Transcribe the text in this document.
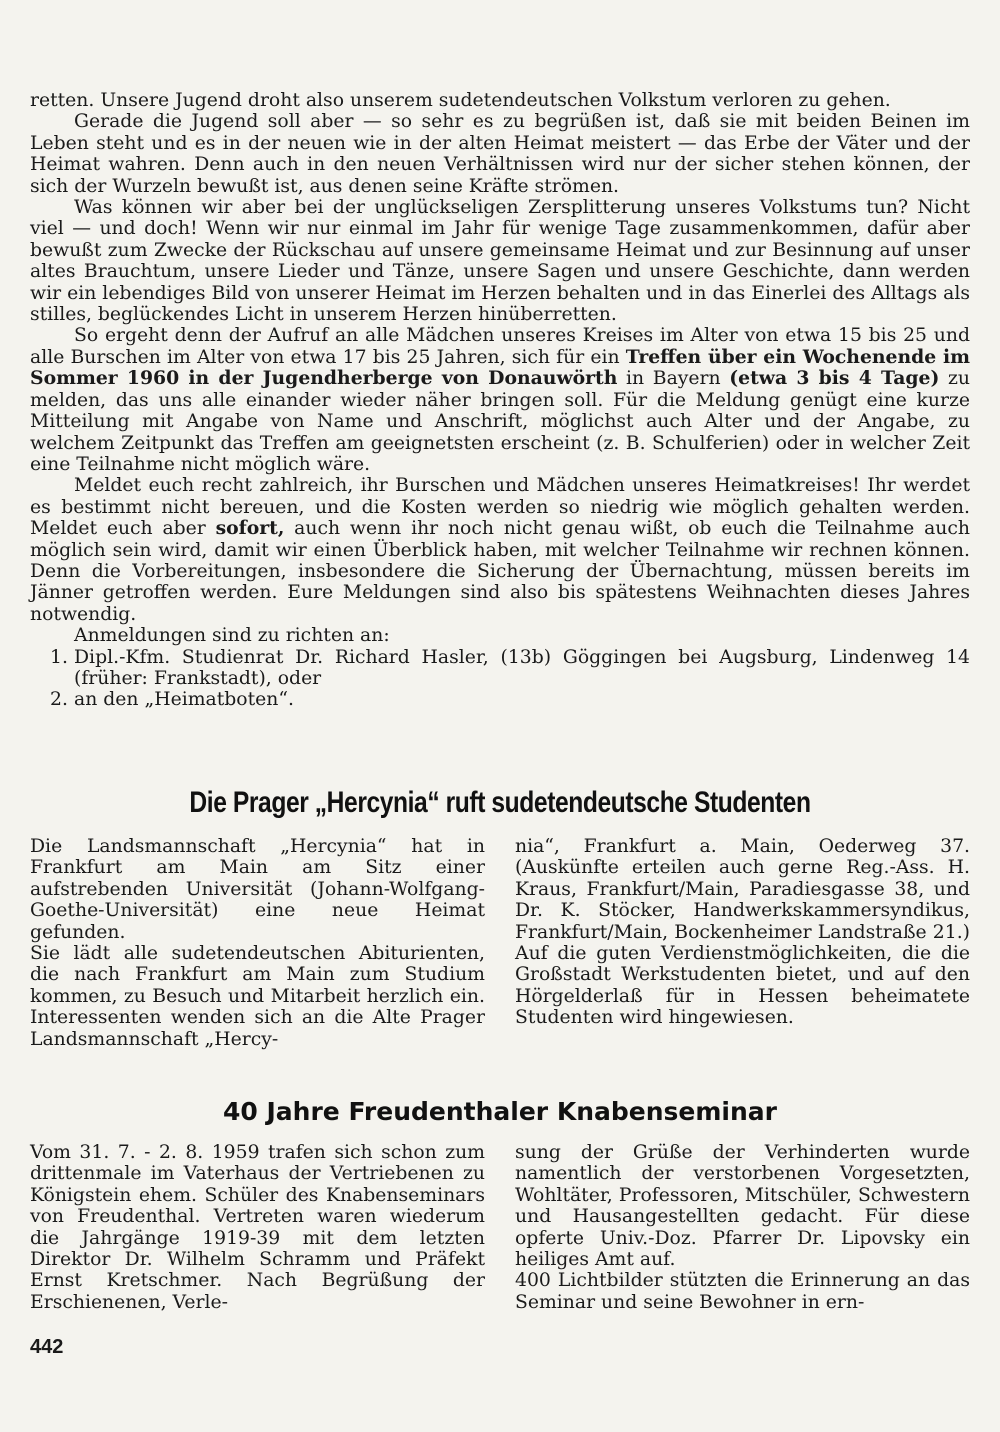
retten. Unsere Jugend droht also unserem sudetendeutschen Volkstum verloren zu gehen.

Gerade die Jugend soll aber — so sehr es zu begrüßen ist, daß sie mit beiden Beinen im Leben steht und es in der neuen wie in der alten Heimat meistert — das Erbe der Väter und der Heimat wahren. Denn auch in den neuen Verhältnissen wird nur der sicher stehen können, der sich der Wurzeln bewußt ist, aus denen seine Kräfte strömen.

Was können wir aber bei der unglückseligen Zersplitterung unseres Volkstums tun? Nicht viel — und doch! Wenn wir nur einmal im Jahr für wenige Tage zusammenkommen, dafür aber bewußt zum Zwecke der Rückschau auf unsere gemeinsame Heimat und zur Besinnung auf unser altes Brauchtum, unsere Lieder und Tänze, unsere Sagen und unsere Geschichte, dann werden wir ein lebendiges Bild von unserer Heimat im Herzen behalten und in das Einerlei des Alltags als stilles, beglückendes Licht in unserem Herzen hinüberretten.

So ergeht denn der Aufruf an alle Mädchen unseres Kreises im Alter von etwa 15 bis 25 und alle Burschen im Alter von etwa 17 bis 25 Jahren, sich für ein Treffen über ein Wochenende im Sommer 1960 in der Jugendherberge von Donauwörth in Bayern (etwa 3 bis 4 Tage) zu melden, das uns alle einander wieder näher bringen soll. Für die Meldung genügt eine kurze Mitteilung mit Angabe von Name und Anschrift, möglichst auch Alter und der Angabe, zu welchem Zeitpunkt das Treffen am geeignetsten erscheint (z. B. Schulferien) oder in welcher Zeit eine Teilnahme nicht möglich wäre.

Meldet euch recht zahlreich, ihr Burschen und Mädchen unseres Heimatkreises! Ihr werdet es bestimmt nicht bereuen, und die Kosten werden so niedrig wie möglich gehalten werden. Meldet euch aber sofort, auch wenn ihr noch nicht genau wißt, ob euch die Teilnahme auch möglich sein wird, damit wir einen Überblick haben, mit welcher Teilnahme wir rechnen können. Denn die Vorbereitungen, insbesondere die Sicherung der Übernachtung, müssen bereits im Jänner getroffen werden. Eure Meldungen sind also bis spätestens Weihnachten dieses Jahres notwendig.

Anmeldungen sind zu richten an:

1. Dipl.-Kfm. Studienrat Dr. Richard Hasler, (13b) Göggingen bei Augsburg, Lindenweg 14 (früher: Frankstadt), oder
2. an den „Heimatboten“.
Die Prager „Hercynia“ ruft sudetendeutsche Studenten

Die Landsmannschaft „Hercynia“ hat in Frankfurt am Main am Sitz einer aufstrebenden Universität (Johann-Wolfgang-Goethe-Universität) eine neue Heimat gefunden.

Sie lädt alle sudetendeutschen Abiturienten, die nach Frankfurt am Main zum Studium kommen, zu Besuch und Mitarbeit herzlich ein. Interessenten wenden sich an die Alte Prager Landsmannschaft „Hercy-

nia“, Frankfurt a. Main, Oederweg 37. (Auskünfte erteilen auch gerne Reg.-Ass. H. Kraus, Frankfurt/Main, Paradiesgasse 38, und Dr. K. Stöcker, Handwerkskammersyndikus, Frankfurt/Main, Bockenheimer Landstraße 21.) Auf die guten Verdienstmöglichkeiten, die die Großstadt Werkstudenten bietet, und auf den Hörgelderlaß für in Hessen beheimatete Studenten wird hingewiesen.

40 Jahre Freudenthaler Knabenseminar

Vom 31. 7. - 2. 8. 1959 trafen sich schon zum drittenmale im Vaterhaus der Vertriebenen zu Königstein ehem. Schüler des Knabenseminars von Freudenthal. Vertreten waren wiederum die Jahrgänge 1919-39 mit dem letzten Direktor Dr. Wilhelm Schramm und Präfekt Ernst Kretschmer. Nach Begrüßung der Erschienenen, Verle-

sung der Grüße der Verhinderten wurde namentlich der verstorbenen Vorgesetzten, Wohltäter, Professoren, Mitschüler, Schwestern und Hausangestellten gedacht. Für diese opferte Univ.-Doz. Pfarrer Dr. Lipovsky ein heiliges Amt auf.

400 Lichtbilder stützten die Erinnerung an das Seminar und seine Bewohner in ern-

442
